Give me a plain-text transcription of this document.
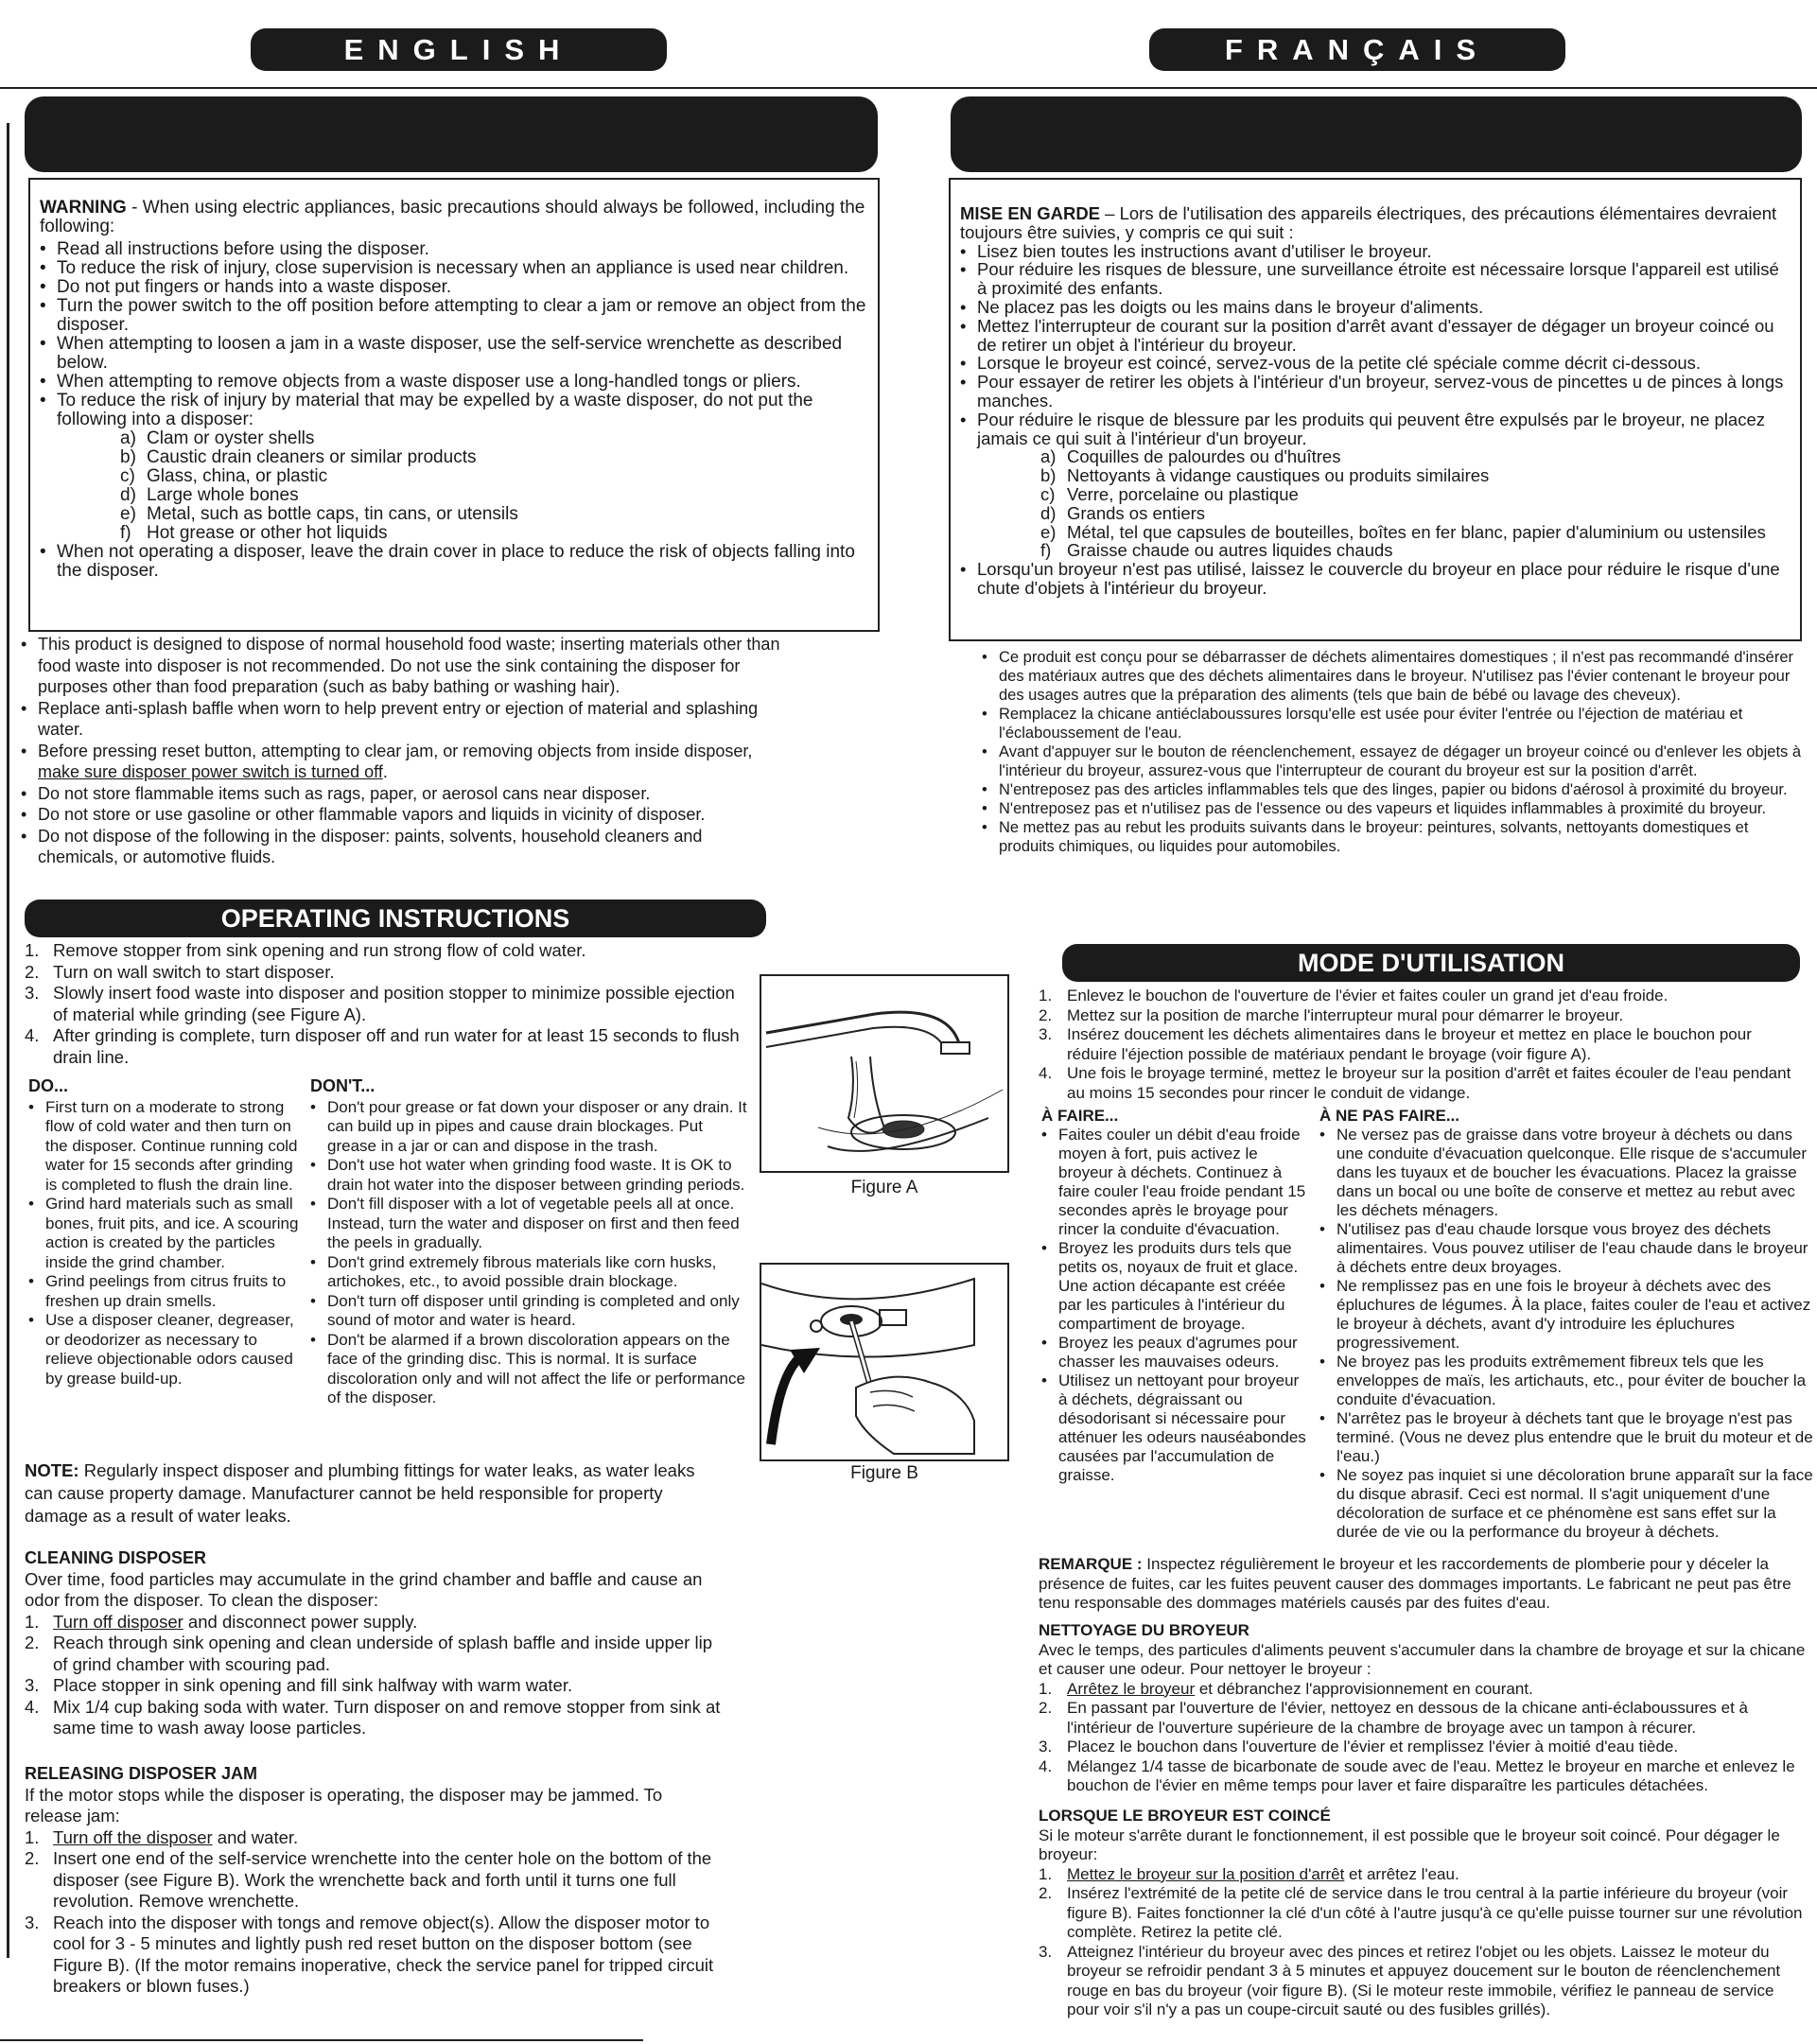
ENGLISH	FRANÇAIS

WARNING - When using electric appliances, basic precautions should always be followed, including the following:

• Read all instructions before using the disposer.
• To reduce the risk of injury, close supervision is necessary when an appliance is used near children.
• Do not put fingers or hands into a waste disposer.
• Turn the power switch to the off position before attempting to clear a jam or remove an object from the disposer.
• When attempting to loosen a jam in a waste disposer, use the self-service wrenchette as described below.
• When attempting to remove objects from a waste disposer use a long-handled tongs or pliers.
• To reduce the risk of injury by material that may be expelled by a waste disposer, do not put the following into a disposer:
a) Clam or oyster shells
b) Caustic drain cleaners or similar products
c) Glass, china, or plastic
d) Large whole bones
e) Metal, such as bottle caps, tin cans, or utensils
f) Hot grease or other hot liquids
• When not operating a disposer, leave the drain cover in place to reduce the risk of objects falling into the disposer.
• This product is designed to dispose of normal household food waste; inserting materials other than food waste into disposer is not recommended. Do not use the sink containing the disposer for purposes other than food preparation (such as baby bathing or washing hair).
• Replace anti-splash baffle when worn to help prevent entry or ejection of material and splashing water.
• Before pressing reset button, attempting to clear jam, or removing objects from inside disposer, make sure disposer power switch is turned off.
• Do not store flammable items such as rags, paper, or aerosol cans near disposer.
• Do not store or use gasoline or other flammable vapors and liquids in vicinity of disposer.
• Do not dispose of the following in the disposer: paints, solvents, household cleaners and chemicals, or automotive fluids.
OPERATING INSTRUCTIONS
1. Remove stopper from sink opening and run strong flow of cold water.
2. Turn on wall switch to start disposer.
3. Slowly insert food waste into disposer and position stopper to minimize possible ejection of material while grinding (see Figure A).
4. After grinding is complete, turn disposer off and run water for at least 15 seconds to flush drain line.
DO...
• First turn on a moderate to strong flow of cold water and then turn on the disposer. Continue running cold water for 15 seconds after grinding is completed to flush the drain line.
• Grind hard materials such as small bones, fruit pits, and ice. A scouring action is created by the particles inside the grind chamber.
• Grind peelings from citrus fruits to freshen up drain smells.
• Use a disposer cleaner, degreaser, or deodorizer as necessary to relieve objectionable odors caused by grease build-up.
DON'T...
• Don't pour grease or fat down your disposer or any drain. It can build up in pipes and cause drain blockages. Put grease in a jar or can and dispose in the trash.
• Don't use hot water when grinding food waste. It is OK to drain hot water into the disposer between grinding periods.
• Don't fill disposer with a lot of vegetable peels all at once. Instead, turn the water and disposer on first and then feed the peels in gradually.
• Don't grind extremely fibrous materials like corn husks, artichokes, etc., to avoid possible drain blockage.
• Don't turn off disposer until grinding is completed and only sound of motor and water is heard.
• Don't be alarmed if a brown discoloration appears on the face of the grinding disc. This is normal. It is surface discoloration only and will not affect the life or performance of the disposer.
Figure A
Figure B

NOTE: Regularly inspect disposer and plumbing fittings for water leaks, as water leaks can cause property damage. Manufacturer cannot be held responsible for property damage as a result of water leaks.

CLEANING DISPOSER

Over time, food particles may accumulate in the grind chamber and baffle and cause an odor from the disposer. To clean the disposer:

1. Turn off disposer and disconnect power supply.
2. Reach through sink opening and clean underside of splash baffle and inside upper lip of grind chamber with scouring pad.
3. Place stopper in sink opening and fill sink halfway with warm water.
4. Mix 1/4 cup baking soda with water. Turn disposer on and remove stopper from sink at same time to wash away loose particles.
RELEASING DISPOSER JAM

If the motor stops while the disposer is operating, the disposer may be jammed. To release jam:

1. Turn off the disposer and water.
2. Insert one end of the self-service wrenchette into the center hole on the bottom of the disposer (see Figure B). Work the wrenchette back and forth until it turns one full revolution. Remove wrenchette.
3. Reach into the disposer with tongs and remove object(s). Allow the disposer motor to cool for 3 - 5 minutes and lightly push red reset button on the disposer bottom (see Figure B). (If the motor remains inoperative, check the service panel for tripped circuit breakers or blown fuses.)

MISE EN GARDE – Lors de l'utilisation des appareils électriques, des précautions élémentaires devraient toujours être suivies, y compris ce qui suit :

• Lisez bien toutes les instructions avant d'utiliser le broyeur.
• Pour réduire les risques de blessure, une surveillance étroite est nécessaire lorsque l'appareil est utilisé à proximité des enfants.
• Ne placez pas les doigts ou les mains dans le broyeur d'aliments.
• Mettez l'interrupteur de courant sur la position d'arrêt avant d'essayer de dégager un broyeur coincé ou de retirer un objet à l'intérieur du broyeur.
• Lorsque le broyeur est coincé, servez-vous de la petite clé spéciale comme décrit ci-dessous.
• Pour essayer de retirer les objets à l'intérieur d'un broyeur, servez-vous de pincettes u de pinces à longs manches.
• Pour réduire le risque de blessure par les produits qui peuvent être expulsés par le broyeur, ne placez jamais ce qui suit à l'intérieur d'un broyeur.
a) Coquilles de palourdes ou d'huîtres
b) Nettoyants à vidange caustiques ou produits similaires
c) Verre, porcelaine ou plastique
d) Grands os entiers
e) Métal, tel que capsules de bouteilles, boîtes en fer blanc, papier d'aluminium ou ustensiles
f) Graisse chaude ou autres liquides chauds
• Lorsqu'un broyeur n'est pas utilisé, laissez le couvercle du broyeur en place pour réduire le risque d'une chute d'objets à l'intérieur du broyeur.
• Ce produit est conçu pour se débarrasser de déchets alimentaires domestiques ; il n'est pas recommandé d'insérer des matériaux autres que des déchets alimentaires dans le broyeur. N'utilisez pas l'évier contenant le broyeur pour des usages autres que la préparation des aliments (tels que bain de bébé ou lavage des cheveux).
• Remplacez la chicane antiéclaboussures lorsqu'elle est usée pour éviter l'entrée ou l'éjection de matériau et l'éclaboussement de l'eau.
• Avant d'appuyer sur le bouton de réenclenchement, essayez de dégager un broyeur coincé ou d'enlever les objets à l'intérieur du broyeur, assurez-vous que l'interrupteur de courant du broyeur est sur la position d'arrêt.
• N'entreposez pas des articles inflammables tels que des linges, papier ou bidons d'aérosol à proximité du broyeur.
• N'entreposez pas et n'utilisez pas de l'essence ou des vapeurs et liquides inflammables à proximité du broyeur.
• Ne mettez pas au rebut les produits suivants dans le broyeur: peintures, solvants, nettoyants domestiques et produits chimiques, ou liquides pour automobiles.
MODE D'UTILISATION
1. Enlevez le bouchon de l'ouverture de l'évier et faites couler un grand jet d'eau froide.
2. Mettez sur la position de marche l'interrupteur mural pour démarrer le broyeur.
3. Insérez doucement les déchets alimentaires dans le broyeur et mettez en place le bouchon pour réduire l'éjection possible de matériaux pendant le broyage (voir figure A).
4. Une fois le broyage terminé, mettez le broyeur sur la position d'arrêt et faites écouler de l'eau pendant au moins 15 secondes pour rincer le conduit de vidange.
À FAIRE...
• Faites couler un débit d'eau froide moyen à fort, puis activez le broyeur à déchets. Continuez à faire couler l'eau froide pendant 15 secondes après le broyage pour rincer la conduite d'évacuation.
• Broyez les produits durs tels que petits os, noyaux de fruit et glace. Une action décapante est créée par les particules à l'intérieur du compartiment de broyage.
• Broyez les peaux d'agrumes pour chasser les mauvaises odeurs.
• Utilisez un nettoyant pour broyeur à déchets, dégraissant ou désodorisant si nécessaire pour atténuer les odeurs nauséabondes causées par l'accumulation de graisse.
À NE PAS FAIRE...
• Ne versez pas de graisse dans votre broyeur à déchets ou dans une conduite d'évacuation quelconque. Elle risque de s'accumuler dans les tuyaux et de boucher les évacuations. Placez la graisse dans un bocal ou une boîte de conserve et mettez au rebut avec les déchets ménagers.
• N'utilisez pas d'eau chaude lorsque vous broyez des déchets alimentaires. Vous pouvez utiliser de l'eau chaude dans le broyeur à déchets entre deux broyages.
• Ne remplissez pas en une fois le broyeur à déchets avec des épluchures de légumes. À la place, faites couler de l'eau et activez le broyeur à déchets, avant d'y introduire les épluchures progressivement.
• Ne broyez pas les produits extrêmement fibreux tels que les enveloppes de maïs, les artichauts, etc., pour éviter de boucher la conduite d'évacuation.
• N'arrêtez pas le broyeur à déchets tant que le broyage n'est pas terminé. (Vous ne devez plus entendre que le bruit du moteur et de l'eau.)
• Ne soyez pas inquiet si une décoloration brune apparaît sur la face du disque abrasif. Ceci est normal. Il s'agit uniquement d'une décoloration de surface et ce phénomène est sans effet sur la durée de vie ou la performance du broyeur à déchets.

REMARQUE : Inspectez régulièrement le broyeur et les raccordements de plomberie pour y déceler la présence de fuites, car les fuites peuvent causer des dommages importants. Le fabricant ne peut pas être tenu responsable des dommages matériels causés par des fuites d'eau.

NETTOYAGE DU BROYEUR

Avec le temps, des particules d'aliments peuvent s'accumuler dans la chambre de broyage et sur la chicane et causer une odeur. Pour nettoyer le broyeur :

1. Arrêtez le broyeur et débranchez l'approvisionnement en courant.
2. En passant par l'ouverture de l'évier, nettoyez en dessous de la chicane anti-éclaboussures et à l'intérieur de l'ouverture supérieure de la chambre de broyage avec un tampon à récurer.
3. Placez le bouchon dans l'ouverture de l'évier et remplissez l'évier à moitié d'eau tiède.
4. Mélangez 1/4 tasse de bicarbonate de soude avec de l'eau. Mettez le broyeur en marche et enlevez le bouchon de l'évier en même temps pour laver et faire disparaître les particules détachées.
LORSQUE LE BROYEUR EST COINCÉ

Si le moteur s'arrête durant le fonctionnement, il est possible que le broyeur soit coincé. Pour dégager le broyeur:

1. Mettez le broyeur sur la position d'arrêt et arrêtez l'eau.
2. Insérez l'extrémité de la petite clé de service dans le trou central à la partie inférieure du broyeur (voir figure B). Faites fonctionner la clé d'un côté à l'autre jusqu'à ce qu'elle puisse tourner sur une révolution complète. Retirez la petite clé.
3. Atteignez l'intérieur du broyeur avec des pinces et retirez l'objet ou les objets. Laissez le moteur du broyeur se refroidir pendant 3 à 5 minutes et appuyez doucement sur le bouton de réenclenchement rouge en bas du broyeur (voir figure B). (Si le moteur reste immobile, vérifiez le panneau de service pour voir s'il n'y a pas un coupe-circuit sauté ou des fusibles grillés).
